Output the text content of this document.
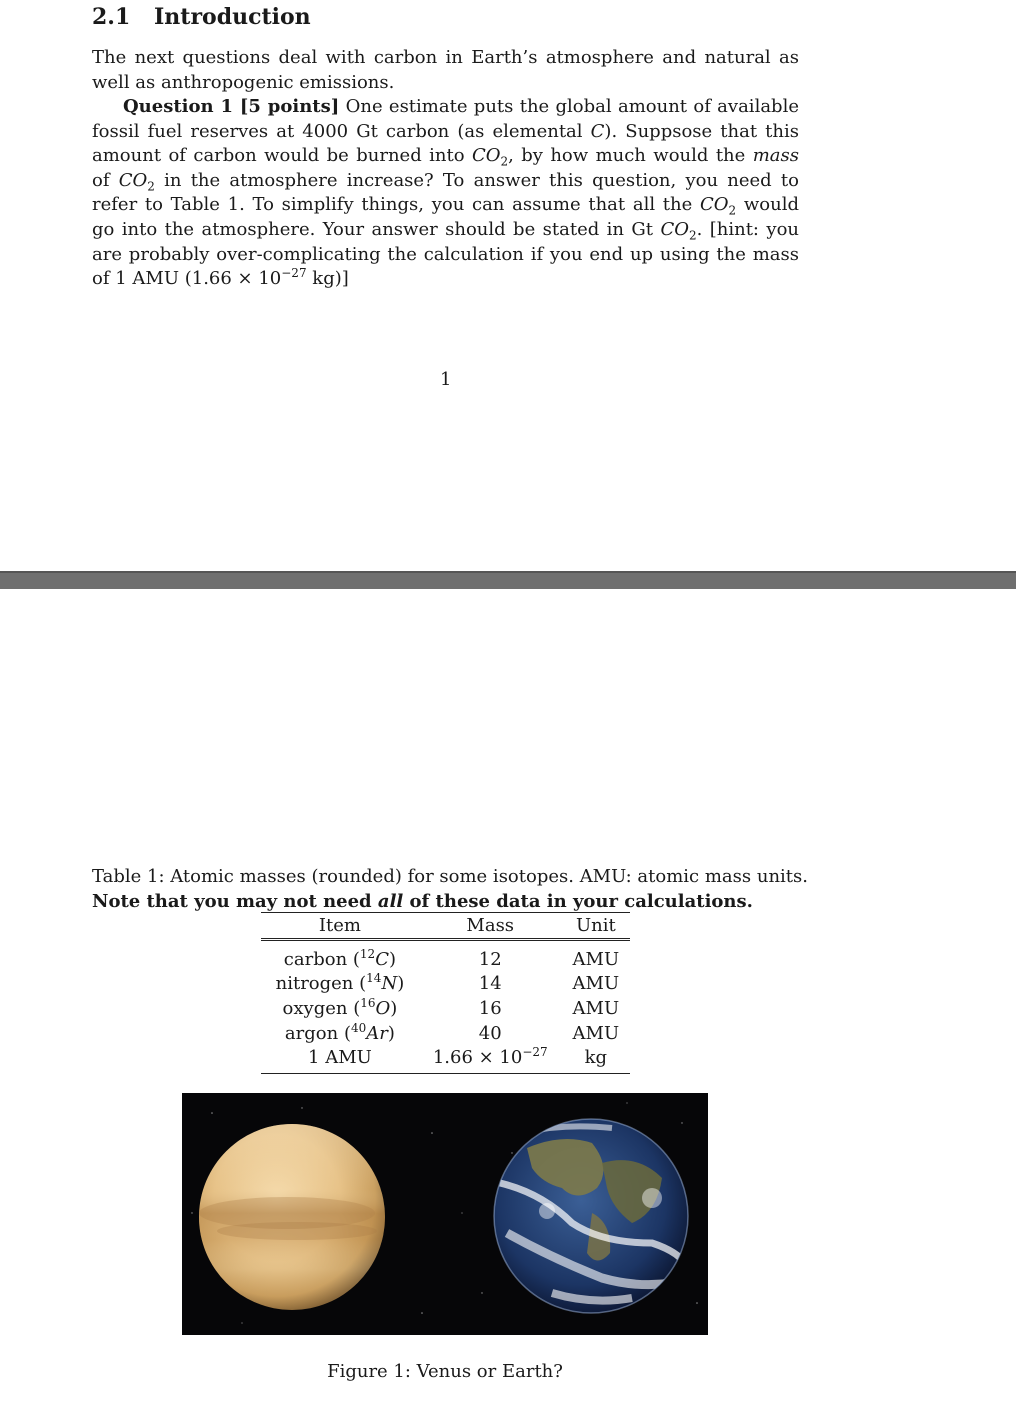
2.1 Introduction
The next questions deal with carbon in Earth’s atmosphere and natural as well as anthropogenic emissions.
Question 1 [5 points] One estimate puts the global amount of available fossil fuel reserves at 4000 Gt carbon (as elemental C). Suppsose that this amount of carbon would be burned into $CO_2$, by how much would the mass of $CO_2$ in the atmosphere increase? To answer this question, you need to refer to Table 1. To simplify things, you can assume that all the $CO_2$ would go into the atmosphere. Your answer should be stated in Gt $CO_2$. [hint: you are probably over-complicating the calculation if you end up using the mass of 1 AMU ($1.66 \times 10^{-27}$ kg)]
1
Table 1: Atomic masses (rounded) for some isotopes. AMU: atomic mass units.
Note that you may not need all of these data in your calculations.
Item	Mass	Unit
carbon ($^{12}$C)	12	AMU
nitrogen ($^{14}$N)	14	AMU
oxygen ($^{16}$O)	16	AMU
argon ($^{40}$Ar)	40	AMU
1 AMU	$1.66 \times 10^{-27}$	kg
Figure 1: Venus or Earth?
